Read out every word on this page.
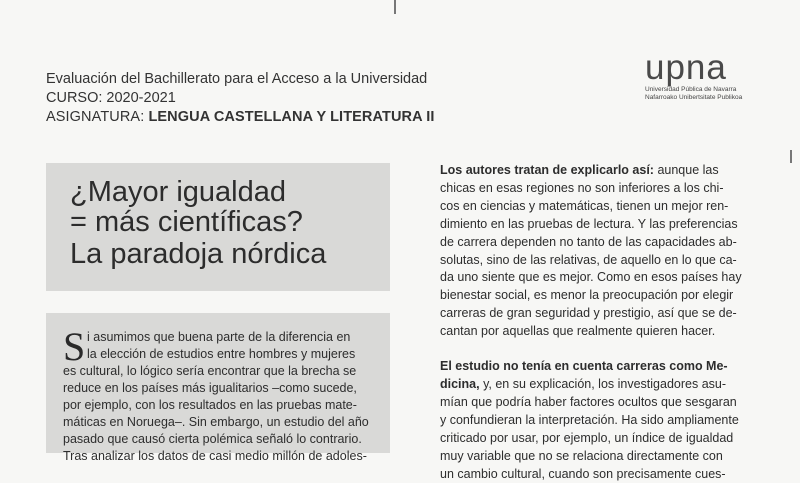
Evaluación del Bachillerato para el Acceso a la Universidad
CURSO: 2020-2021
ASIGNATURA: LENGUA CASTELLANA Y LITERATURA II
upna
Universidad Pública de Navarra
Nafarroako Unibertsitate Publikoa
¿Mayor igualdad
= más científicas?
La paradoja nórdica
S i asumimos que buena parte de la diferencia en
la elección de estudios entre hombres y mujeres
es cultural, lo lógico sería encontrar que la brecha se
reduce en los países más igualitarios –como sucede,
por ejemplo, con los resultados en las pruebas mate-
máticas en Noruega–. Sin embargo, un estudio del año
pasado que causó cierta polémica señaló lo contrario.
Tras analizar los datos de casi medio millón de adoles-
Los autores tratan de explicarlo así: aunque las
chicas en esas regiones no son inferiores a los chi-
cos en ciencias y matemáticas, tienen un mejor ren-
dimiento en las pruebas de lectura. Y las preferencias
de carrera dependen no tanto de las capacidades ab-
solutas, sino de las relativas, de aquello en lo que ca-
da uno siente que es mejor. Como en esos países hay
bienestar social, es menor la preocupación por elegir
carreras de gran seguridad y prestigio, así que se de-
cantan por aquellas que realmente quieren hacer.
El estudio no tenía en cuenta carreras como Me-
dicina, y, en su explicación, los investigadores asu-
mían que podría haber factores ocultos que sesgaran
y confundieran la interpretación. Ha sido ampliamente
criticado por usar, por ejemplo, un índice de igualdad
muy variable que no se relaciona directamente con
un cambio cultural, cuando son precisamente cues-
